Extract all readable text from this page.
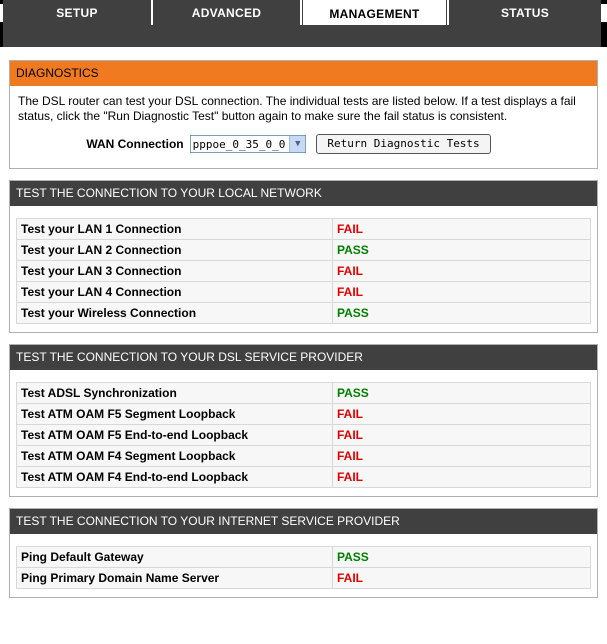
SETUP	ADVANCED	MANAGEMENT	STATUS
DIAGNOSTICS

The DSL router can test your DSL connection. The individual tests are listed below. If a test displays a fail status, click the "Run Diagnostic Test" button again to make sure the fail status is consistent.

WAN Connection pppoe_0_35_0_0	▼	Return Diagnostic Tests
TEST THE CONNECTION TO YOUR LOCAL NETWORK
Test your LAN 1 Connection	FAIL
Test your LAN 2 Connection	PASS
Test your LAN 3 Connection	FAIL
Test your LAN 4 Connection	FAIL
Test your Wireless Connection	PASS
TEST THE CONNECTION TO YOUR DSL SERVICE PROVIDER
Test ADSL Synchronization	PASS
Test ATM OAM F5 Segment Loopback	FAIL
Test ATM OAM F5 End-to-end Loopback	FAIL
Test ATM OAM F4 Segment Loopback	FAIL
Test ATM OAM F4 End-to-end Loopback	FAIL
TEST THE CONNECTION TO YOUR INTERNET SERVICE PROVIDER
Ping Default Gateway	PASS
Ping Primary Domain Name Server	FAIL
